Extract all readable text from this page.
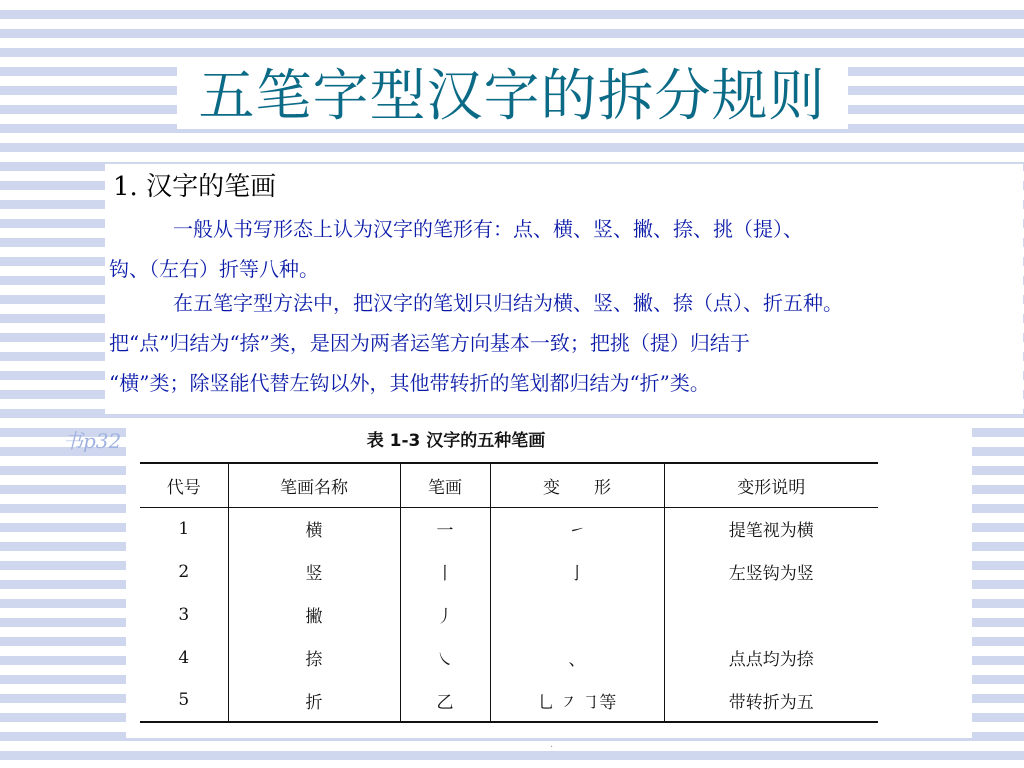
五笔字型汉字的拆分规则
1. 汉字的笔画
一般从书写形态上认为汉字的笔形有：点、横、竖、撇、捺、挑（提）、
钩、（左右）折等八种。
在五笔字型方法中，把汉字的笔划只归结为横、竖、撇、捺（点）、折五种。
把“点”归结为“捺”类，是因为两者运笔方向基本一致；把挑（提）归结于
“横”类；除竖能代替左钩以外，其他带转折的笔划都归结为“折”类。
书p32	表 1-3 汉字的五种笔画
代号	笔画名称	笔画	变　　形	变形说明
1	横	一	㇀	提笔视为横
2	竖	丨	亅	左竖钩为竖
3	撇	丿		
4	捺	㇏	、	点点均为捺
5	折	乙	乚 ㇇ ㇆等	带转折为五
·
